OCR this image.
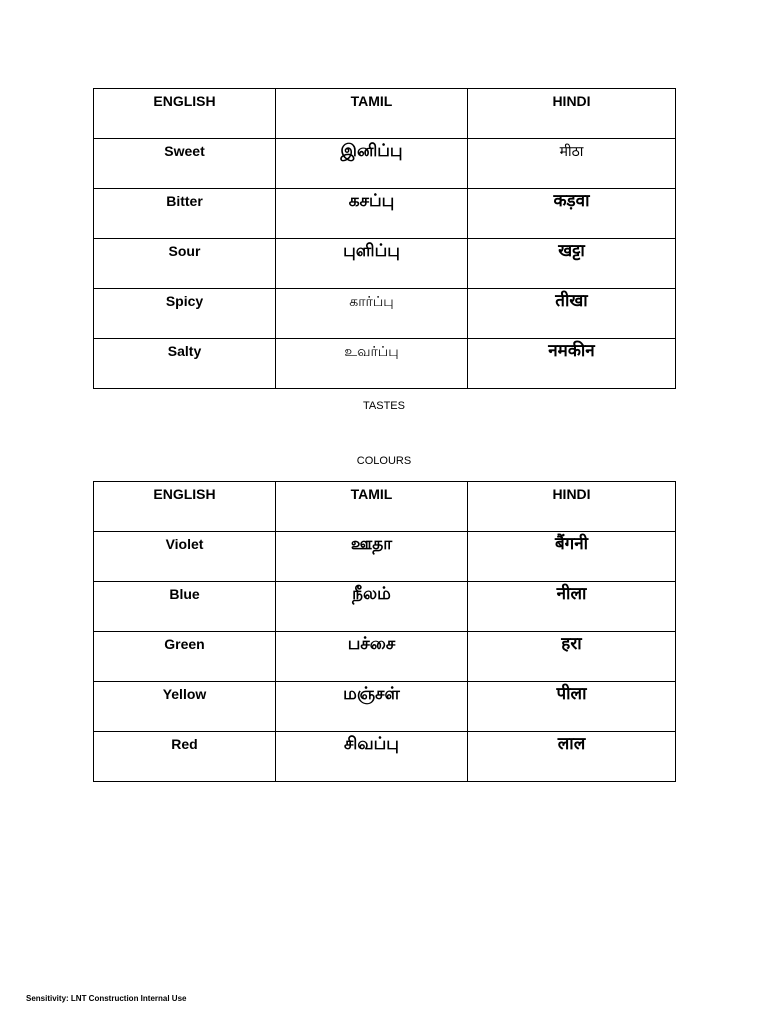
ENGLISH	TAMIL	HINDI

Sweet	இனிப்பு	मीठा

Bitter	கசப்பு	कड़वा

Sour	புளிப்பு	खट्टा

Spicy	கார்ப்பு	तीखा

Salty	உவர்ப்பு	नमकीन
TASTES
COLOURS
ENGLISH	TAMIL	HINDI

Violet	ஊதா	बैंगनी

Blue	நீலம்	नीला

Green	பச்சை	हरा

Yellow	மஞ்சள்	पीला

Red	சிவப்பு	लाल
Sensitivity: LNT Construction Internal Use
